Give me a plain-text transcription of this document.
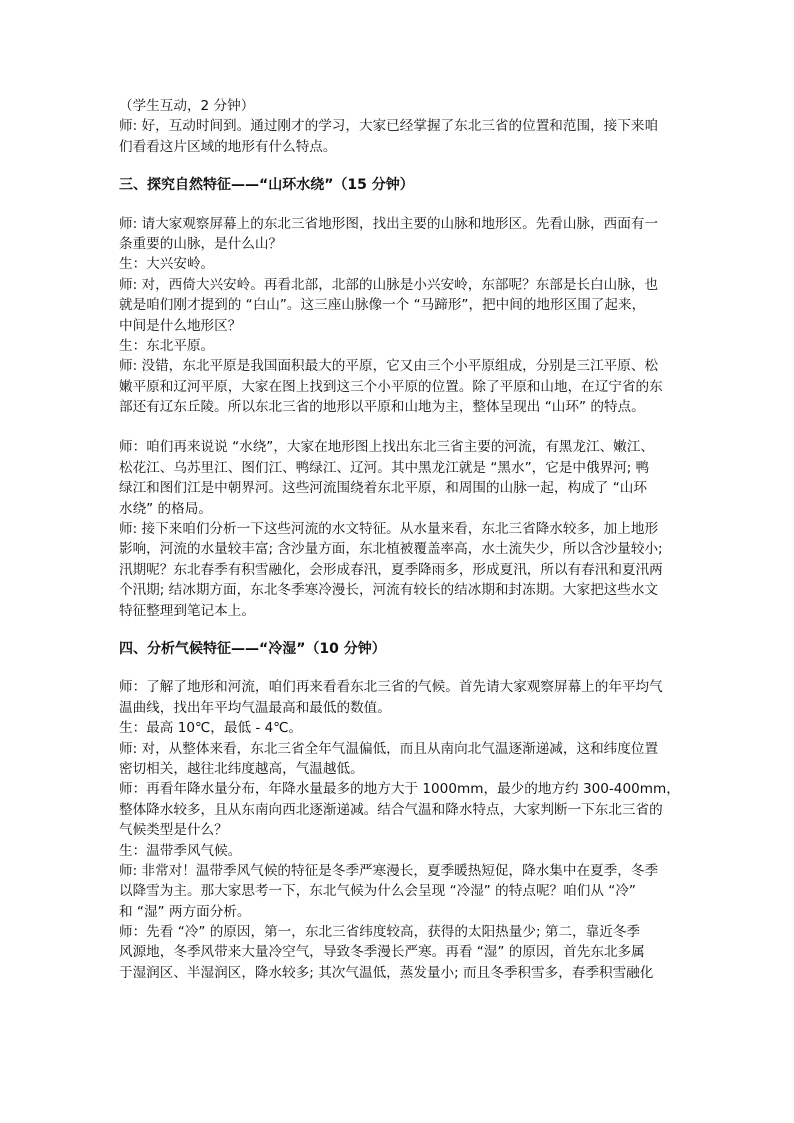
（学生互动，2 分钟）
师: 好，互动时间到。通过刚才的学习，大家已经掌握了东北三省的位置和范围，接下来咱
们看看这片区域的地形有什么特点。
三、探究自然特征——“山环水绕”（15 分钟）
师: 请大家观察屏幕上的东北三省地形图，找出主要的山脉和地形区。先看山脉，西面有一
条重要的山脉，是什么山？
生：大兴安岭。
师: 对，西倚大兴安岭。再看北部，北部的山脉是小兴安岭，东部呢？东部是长白山脉，也
就是咱们刚才提到的 “白山”。这三座山脉像一个 “马蹄形”，把中间的地形区围了起来，
中间是什么地形区？
生：东北平原。
师: 没错，东北平原是我国面积最大的平原，它又由三个小平原组成，分别是三江平原、松
嫩平原和辽河平原，大家在图上找到这三个小平原的位置。除了平原和山地，在辽宁省的东
部还有辽东丘陵。所以东北三省的地形以平原和山地为主，整体呈现出 “山环” 的特点。
师：咱们再来说说 “水绕”，大家在地形图上找出东北三省主要的河流，有黑龙江、嫩江、
松花江、乌苏里江、图们江、鸭绿江、辽河。其中黑龙江就是 “黑水”，它是中俄界河; 鸭
绿江和图们江是中朝界河。这些河流围绕着东北平原，和周围的山脉一起，构成了 “山环
水绕” 的格局。
师: 接下来咱们分析一下这些河流的水文特征。从水量来看，东北三省降水较多，加上地形
影响，河流的水量较丰富; 含沙量方面，东北植被覆盖率高，水土流失少，所以含沙量较小;
汛期呢？东北春季有积雪融化，会形成春汛，夏季降雨多，形成夏汛，所以有春汛和夏汛两
个汛期; 结冰期方面，东北冬季寒冷漫长，河流有较长的结冰期和封冻期。大家把这些水文
特征整理到笔记本上。
四、分析气候特征——“冷湿”（10 分钟）
师：了解了地形和河流，咱们再来看看东北三省的气候。首先请大家观察屏幕上的年平均气
温曲线，找出年平均气温最高和最低的数值。
生：最高 10℃，最低 - 4℃。
师: 对，从整体来看，东北三省全年气温偏低，而且从南向北气温逐渐递减，这和纬度位置
密切相关，越往北纬度越高，气温越低。
师：再看年降水量分布，年降水量最多的地方大于 1000mm，最少的地方约 300-400mm，
整体降水较多，且从东南向西北逐渐递减。结合气温和降水特点，大家判断一下东北三省的
气候类型是什么？
生：温带季风气候。
师: 非常对！温带季风气候的特征是冬季严寒漫长，夏季暖热短促，降水集中在夏季，冬季
以降雪为主。那大家思考一下，东北气候为什么会呈现 “冷湿” 的特点呢？咱们从 “冷”
和 “湿” 两方面分析。
师：先看 “冷” 的原因，第一，东北三省纬度较高，获得的太阳热量少; 第二，靠近冬季
风源地，冬季风带来大量冷空气，导致冬季漫长严寒。再看 “湿” 的原因，首先东北多属
于湿润区、半湿润区，降水较多; 其次气温低，蒸发量小; 而且冬季积雪多，春季积雪融化
